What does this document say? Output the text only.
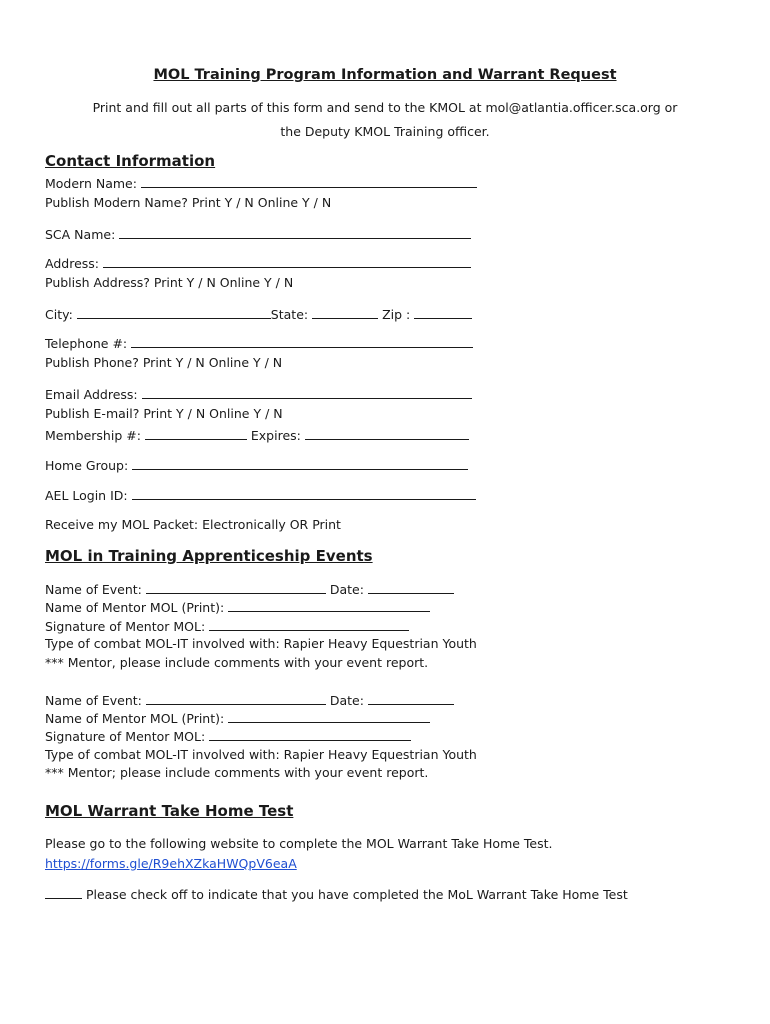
MOL Training Program Information and Warrant Request
Print and fill out all parts of this form and send to the KMOL at mol@atlantia.officer.sca.org or
the Deputy KMOL Training officer.
Contact Information
Modern Name:
Publish Modern Name? Print Y / N Online Y / N
SCA Name:
Address:
Publish Address? Print Y / N Online Y / N
City:	State:	Zip :
Telephone #:
Publish Phone? Print Y / N Online Y / N
Email Address:
Publish E-mail? Print Y / N Online Y / N
Membership #:	Expires:
Home Group:
AEL Login ID:
Receive my MOL Packet: Electronically OR Print
MOL in Training Apprenticeship Events
Name of Event:	Date:
Name of Mentor MOL (Print):
Signature of Mentor MOL:
Type of combat MOL-IT involved with: Rapier Heavy Equestrian Youth
*** Mentor, please include comments with your event report.
Name of Event:	Date:
Name of Mentor MOL (Print):
Signature of Mentor MOL:
Type of combat MOL-IT involved with: Rapier Heavy Equestrian Youth
*** Mentor; please include comments with your event report.
MOL Warrant Take Home Test
Please go to the following website to complete the MOL Warrant Take Home Test.
https://forms.gle/R9ehXZkaHWQpV6eaA
Please check off to indicate that you have completed the MoL Warrant Take Home Test
